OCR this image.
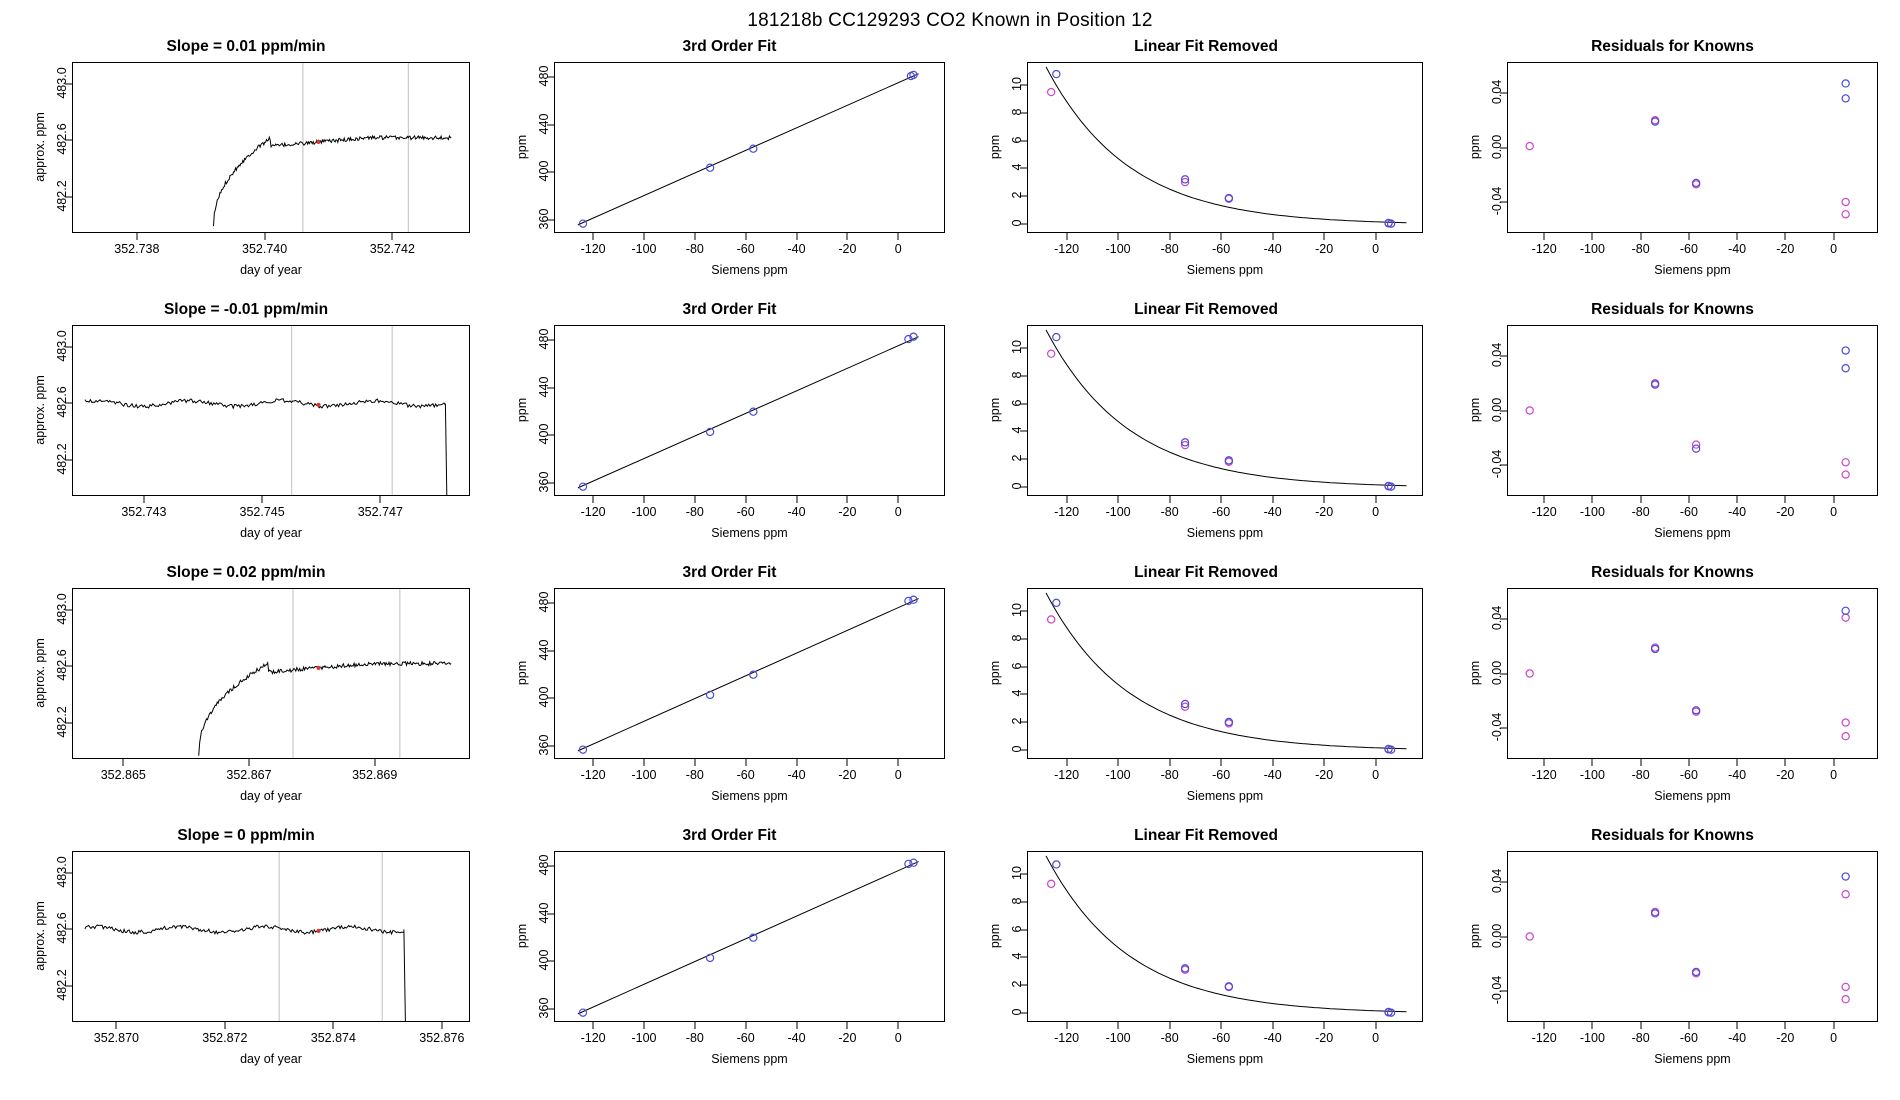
181218b CC129293 CO2 Known in Position 12
Slope = 0.01 ppm/min
352.738	352.740	352.742
482.2
482.6
483.0
day of year
approx. ppm
3rd Order Fit
-120	-100	-80	-60	-40	-20	0
360
400
440
480
Siemens ppm
ppm
Linear Fit Removed
-120	-100	-80	-60	-40	-20	0
0
2
4
6
8
10
Siemens ppm
ppm
Residuals for Knowns
-120	-100	-80	-60	-40	-20	0
-0.04
0.00
0.04
Siemens ppm
ppm
Slope = -0.01 ppm/min
352.743	352.745	352.747
482.2
482.6
483.0
day of year
approx. ppm
3rd Order Fit
-120	-100	-80	-60	-40	-20	0
360
400
440
480
Siemens ppm
ppm
Linear Fit Removed
-120	-100	-80	-60	-40	-20	0
0
2
4
6
8
10
Siemens ppm
ppm
Residuals for Knowns
-120	-100	-80	-60	-40	-20	0
-0.04
0.00
0.04
Siemens ppm
ppm
Slope = 0.02 ppm/min
352.865	352.867	352.869
482.2
482.6
483.0
day of year
approx. ppm
3rd Order Fit
-120	-100	-80	-60	-40	-20	0
360
400
440
480
Siemens ppm
ppm
Linear Fit Removed
-120	-100	-80	-60	-40	-20	0
0
2
4
6
8
10
Siemens ppm
ppm
Residuals for Knowns
-120	-100	-80	-60	-40	-20	0
-0.04
0.00
0.04
Siemens ppm
ppm
Slope = 0 ppm/min
352.870	352.872	352.874	352.876
482.2
482.6
483.0
day of year
approx. ppm
3rd Order Fit
-120	-100	-80	-60	-40	-20	0
360
400
440
480
Siemens ppm
ppm
Linear Fit Removed
-120	-100	-80	-60	-40	-20	0
0
2
4
6
8
10
Siemens ppm
ppm
Residuals for Knowns
-120	-100	-80	-60	-40	-20	0
-0.04
0.00
0.04
Siemens ppm
ppm
